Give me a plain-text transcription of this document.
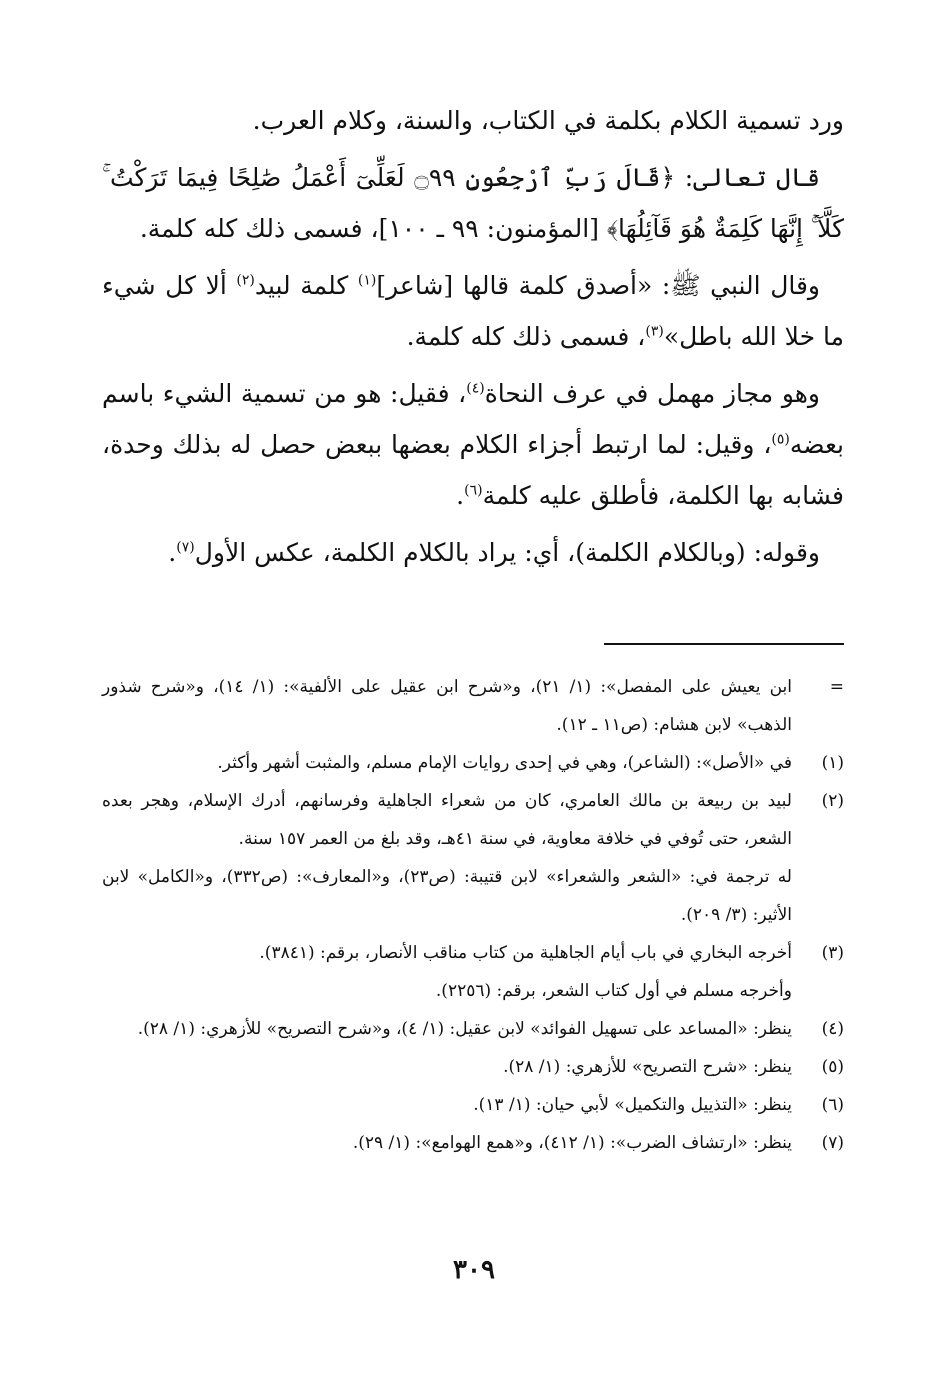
ورد تسمية الكلام بكلمة في الكتاب، والسنة، وكلام العرب.

قال تعالى: ﴿قَالَ رَبِّ ٱرْجِعُونِ ۝٩٩ لَعَلِّىٓ أَعْمَلُ صَٰلِحًا فِيمَا تَرَكْتُ ۚ كَلَّآ ۚ إِنَّهَا كَلِمَةٌ هُوَ قَآئِلُهَا﴾ [المؤمنون: ٩٩ ـ ١٠٠]، فسمى ذلك كله كلمة.

وقال النبي ﷺ: «أصدق كلمة قالها [شاعر]$^{(١)}$ كلمة لبيد$^{(٢)}$ ألا كل شيء ما خلا الله باطل»$^{(٣)}$، فسمى ذلك كله كلمة.

وهو مجاز مهمل في عرف النحاة$^{(٤)}$، فقيل: هو من تسمية الشيء باسم بعضه$^{(٥)}$، وقيل: لما ارتبط أجزاء الكلام بعضها ببعض حصل له بذلك وحدة، فشابه بها الكلمة، فأطلق عليه كلمة$^{(٦)}$.

وقوله: (وبالكلام الكلمة)، أي: يراد بالكلام الكلمة، عكس الأول$^{(٧)}$.

=
ابن يعيش على المفصل»: (١/ ٢١)، و«شرح ابن عقيل على الألفية»: (١/ ١٤)، و«شرح شذور الذهب» لابن هشام: (ص١١ ـ ١٢).
(١)
في «الأصل»: (الشاعر)، وهي في إحدى روايات الإمام مسلم، والمثبت أشهر وأكثر.
(٢)
لبيد بن ربيعة بن مالك العامري، كان من شعراء الجاهلية وفرسانهم، أدرك الإسلام، وهجر بعده الشعر، حتى تُوفي في خلافة معاوية، في سنة ٤١هـ، وقد بلغ من العمر ١٥٧ سنة.
له ترجمة في: «الشعر والشعراء» لابن قتيبة: (ص٢٣)، و«المعارف»: (ص٣٣٢)، و«الكامل» لابن الأثير: (٣/ ٢٠٩).
(٣)
أخرجه البخاري في باب أيام الجاهلية من كتاب مناقب الأنصار، برقم: (٣٨٤١).
وأخرجه مسلم في أول كتاب الشعر، برقم: (٢٢٥٦).
(٤)
ينظر: «المساعد على تسهيل الفوائد» لابن عقيل: (١/ ٤)، و«شرح التصريح» للأزهري: (١/ ٢٨).
(٥)
ينظر: «شرح التصريح» للأزهري: (١/ ٢٨).
(٦)
ينظر: «التذييل والتكميل» لأبي حيان: (١/ ١٣).
(٧)
ينظر: «ارتشاف الضرب»: (١/ ٤١٢)، و«همع الهوامع»: (١/ ٢٩).
٣٠٩
